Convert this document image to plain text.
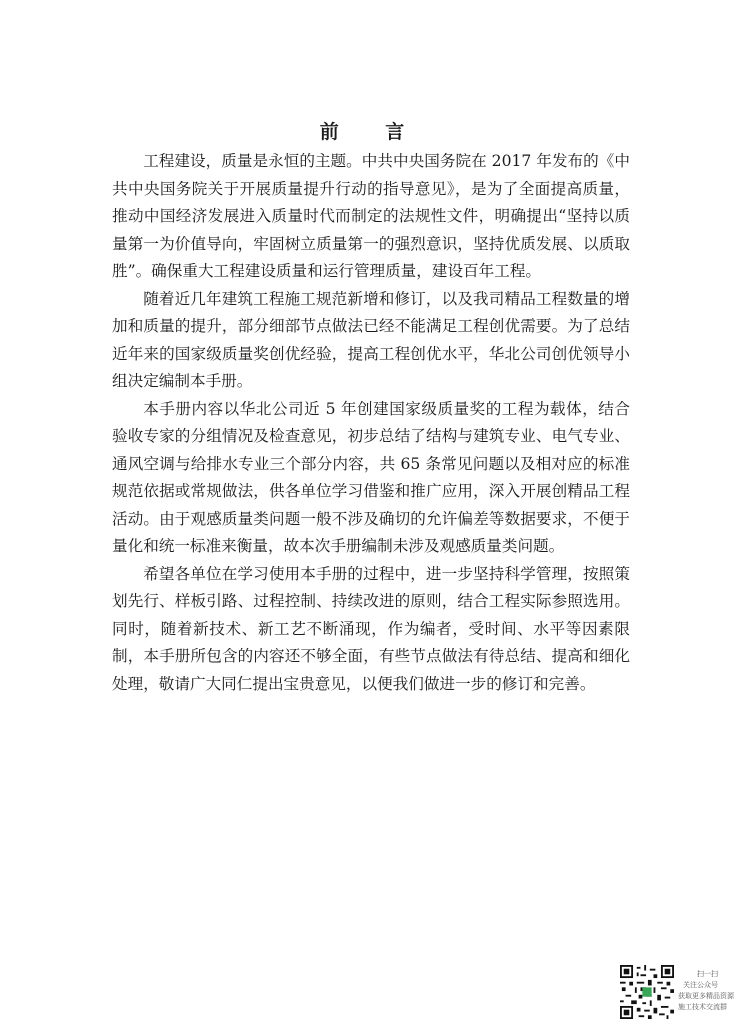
前 言

工程建设，质量是永恒的主题。中共中央国务院在 2017 年发布的《中共中央国务院关于开展质量提升行动的指导意见》，是为了全面提高质量，推动中国经济发展进入质量时代而制定的法规性文件，明确提出“坚持以质量第一为价值导向，牢固树立质量第一的强烈意识，坚持优质发展、以质取胜”。确保重大工程建设质量和运行管理质量，建设百年工程。

随着近几年建筑工程施工规范新增和修订，以及我司精品工程数量的增加和质量的提升，部分细部节点做法已经不能满足工程创优需要。为了总结近年来的国家级质量奖创优经验，提高工程创优水平，华北公司创优领导小组决定编制本手册。

本手册内容以华北公司近 5 年创建国家级质量奖的工程为载体，结合验收专家的分组情况及检查意见，初步总结了结构与建筑专业、电气专业、通风空调与给排水专业三个部分内容，共 65 条常见问题以及相对应的标准规范依据或常规做法，供各单位学习借鉴和推广应用，深入开展创精品工程活动。由于观感质量类问题一般不涉及确切的允许偏差等数据要求，不便于量化和统一标准来衡量，故本次手册编制未涉及观感质量类问题。

希望各单位在学习使用本手册的过程中，进一步坚持科学管理，按照策划先行、样板引路、过程控制、持续改进的原则，结合工程实际参照选用。同时，随着新技术、新工艺不断涌现，作为编者，受时间、水平等因素限制，本手册所包含的内容还不够全面，有些节点做法有待总结、提高和细化处理，敬请广大同仁提出宝贵意见，以便我们做进一步的修订和完善。

扫一扫
关注公众号
获取更多精品资源
施工技术交流群
